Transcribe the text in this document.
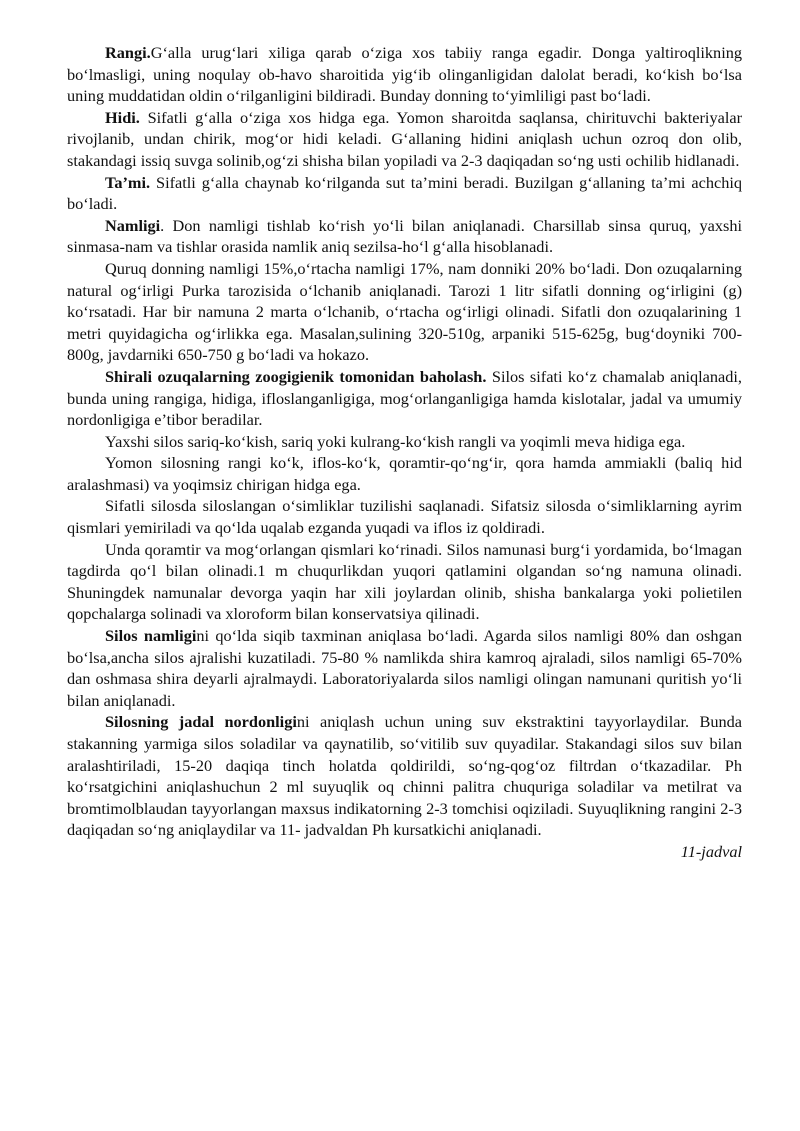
Rangi.G‘alla urug‘lari xiliga qarab o‘ziga xos tabiiy ranga egadir. Donga yaltiroqlikning bo‘lmasligi, uning noqulay ob-havo sharoitida yig‘ib olinganligidan dalolat beradi, ko‘kish bo‘lsa uning muddatidan oldin o‘rilganligini bildiradi. Bunday donning to‘yimliligi past bo‘ladi.

Hidi. Sifatli g‘alla o‘ziga xos hidga ega. Yomon sharoitda saqlansa, chirituvchi bakteriyalar rivojlanib, undan chirik, mog‘or hidi keladi. G‘allaning hidini aniqlash uchun ozroq don olib, stakandagi issiq suvga solinib,og‘zi shisha bilan yopiladi va 2-3 daqiqadan so‘ng usti ochilib hidlanadi.

Ta’mi. Sifatli g‘alla chaynab ko‘rilganda sut ta’mini beradi. Buzilgan g‘allaning ta’mi achchiq bo‘ladi.

Namligi. Don namligi tishlab ko‘rish yo‘li bilan aniqlanadi. Charsillab sinsa quruq, yaxshi sinmasa-nam va tishlar orasida namlik aniq sezilsa-ho‘l g‘alla hisoblanadi.

Quruq donning namligi 15%,o‘rtacha namligi 17%, nam donniki 20% bo‘ladi. Don ozuqalarning natural og‘irligi Purka tarozisida o‘lchanib aniqlanadi. Tarozi 1 litr sifatli donning og‘irligini (g) ko‘rsatadi. Har bir namuna 2 marta o‘lchanib, o‘rtacha og‘irligi olinadi. Sifatli don ozuqalarining 1 metri quyidagicha og‘irlikka ega. Masalan,sulining 320-510g, arpaniki 515-625g, bug‘doyniki 700-800g, javdarniki 650-750 g bo‘ladi va hokazo.

Shirali ozuqalarning zoogigienik tomonidan baholash. Silos sifati ko‘z chamalab aniqlanadi, bunda uning rangiga, hidiga, ifloslanganligiga, mog‘orlanganligiga hamda kislotalar, jadal va umumiy nordonligiga e’tibor beradilar.

Yaxshi silos sariq-ko‘kish, sariq yoki kulrang-ko‘kish rangli va yoqimli meva hidiga ega.

Yomon silosning rangi ko‘k, iflos-ko‘k, qoramtir-qo‘ng‘ir, qora hamda ammiakli (baliq hid aralashmasi) va yoqimsiz chirigan hidga ega.

Sifatli silosda siloslangan o‘simliklar tuzilishi saqlanadi. Sifatsiz silosda o‘simliklarning ayrim qismlari yemiriladi va qo‘lda uqalab ezganda yuqadi va iflos iz qoldiradi.

Unda qoramtir va mog‘orlangan qismlari ko‘rinadi. Silos namunasi burg‘i yordamida, bo‘lmagan tagdirda qo‘l bilan olinadi.1 m chuqurlikdan yuqori qatlamini olgandan so‘ng namuna olinadi. Shuningdek namunalar devorga yaqin har xili joylardan olinib, shisha bankalarga yoki polietilen qopchalarga solinadi va xloroform bilan konservatsiya qilinadi.

Silos namligini qo‘lda siqib taxminan aniqlasa bo‘ladi. Agarda silos namligi 80% dan oshgan bo‘lsa,ancha silos ajralishi kuzatiladi. 75-80 % namlikda shira kamroq ajraladi, silos namligi 65-70% dan oshmasa shira deyarli ajralmaydi. Laboratoriyalarda silos namligi olingan namunani quritish yo‘li bilan aniqlanadi.

Silosning jadal nordonligini aniqlash uchun uning suv ekstraktini tayyorlaydilar. Bunda stakanning yarmiga silos soladilar va qaynatilib, so‘vitilib suv quyadilar. Stakandagi silos suv bilan aralashtiriladi, 15-20 daqiqa tinch holatda qoldirildi, so‘ng-qog‘oz filtrdan o‘tkazadilar. Ph ko‘rsatgichini aniqlashuchun 2 ml suyuqlik oq chinni palitra chuquriga soladilar va metilrat va bromtimolblaudan tayyorlangan maxsus indikatorning 2-3 tomchisi oqiziladi. Suyuqlikning rangini 2-3 daqiqadan so‘ng aniqlaydilar va 11- jadvaldan Ph kursatkichi aniqlanadi.

11-jadval
